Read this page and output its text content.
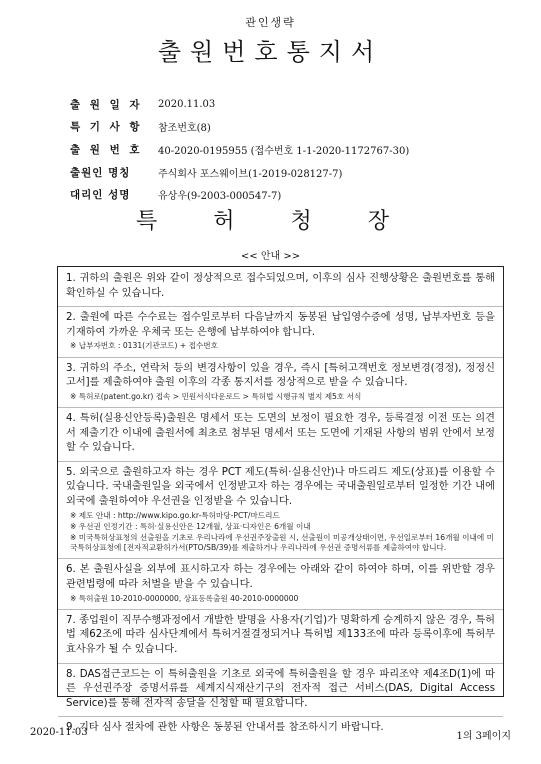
관인생략
출원번호통지서
출 원 일 자	2020.11.03
특 기 사 항	참조번호(8)
출 원 번 호	40-2020-0195955 (접수번호 1-1-2020-1172767-30)
출원인 명칭	주식회사 포스웨이브(1-2019-028127-7)
대리인 성명	유상우(9-2003-000547-7)
특허청장
<< 안내 >>

1. 귀하의 출원은 위와 같이 정상적으로 접수되었으며, 이후의 심사 진행상황은 출원번호를 통해 확인하실 수 있습니다.

2. 출원에 따른 수수료는 접수일로부터 다음날까지 동봉된 납입영수증에 성명, 납부자번호 등을 기재하여 가까운 우체국 또는 은행에 납부하여야 합니다.

※ 납부자번호 : 0131(기관코드) + 접수번호

3. 귀하의 주소, 연락처 등의 변경사항이 있을 경우, 즉시 [특허고객번호 정보변경(경정), 정정신고서]를 제출하여야 출원 이후의 각종 통지서를 정상적으로 받을 수 있습니다.

※ 특허로(patent.go.kr) 접속 > 민원서식다운로드 > 특허법 시행규칙 별지 제5호 서식

4. 특허(실용신안등록)출원은 명세서 또는 도면의 보정이 필요한 경우, 등록결정 이전 또는 의견서 제출기간 이내에 출원서에 최초로 첨부된 명세서 또는 도면에 기재된 사항의 범위 안에서 보정할 수 있습니다.

5. 외국으로 출원하고자 하는 경우 PCT 제도(특허·실용신안)나 마드리드 제도(상표)를 이용할 수 있습니다. 국내출원일을 외국에서 인정받고자 하는 경우에는 국내출원일로부터 일정한 기간 내에 외국에 출원하여야 우선권을 인정받을 수 있습니다.

※ 제도 안내 : http://www.kipo.go.kr-특허마당-PCT/마드리드

※ 우선권 인정기간 : 특허·실용신안은 12개월, 상표·디자인은 6개월 이내

※ 미국특허상표청의 선출원을 기초로 우리나라에 우선권주장출원 시, 선출원이 미공개상태이면, 우선일로부터 16개월 이내에 미국특허상표청에 [전자적교환허가서(PTO/SB/39)를 제출하거나 우리나라에 우선권 증명서류를 제출하여야 합니다.

6. 본 출원사실을 외부에 표시하고자 하는 경우에는 아래와 같이 하여야 하며, 이를 위반할 경우 관련법령에 따라 처벌을 받을 수 있습니다.

※ 특허출원 10-2010-0000000, 상표등록출원 40-2010-0000000

7. 종업원이 직무수행과정에서 개발한 발명을 사용자(기업)가 명확하게 승계하지 않은 경우, 특허법 제62조에 따라 심사단계에서 특허거절결정되거나 특허법 제133조에 따라 등록이후에 특허무효사유가 될 수 있습니다.

8. DAS접근코드는 이 특허출원을 기초로 외국에 특허출원을 할 경우 파리조약 제4조D(1)에 따른 우선권주장 증명서류를 세계지식재산기구의 전자적 접근 서비스(DAS, Digital Access Service)를 통해 전자적 송달을 신청할 때 필요합니다.

9. 기타 심사 절차에 관한 사항은 동봉된 안내서를 참조하시기 바랍니다.

2020-11-03	1의 3페이지
